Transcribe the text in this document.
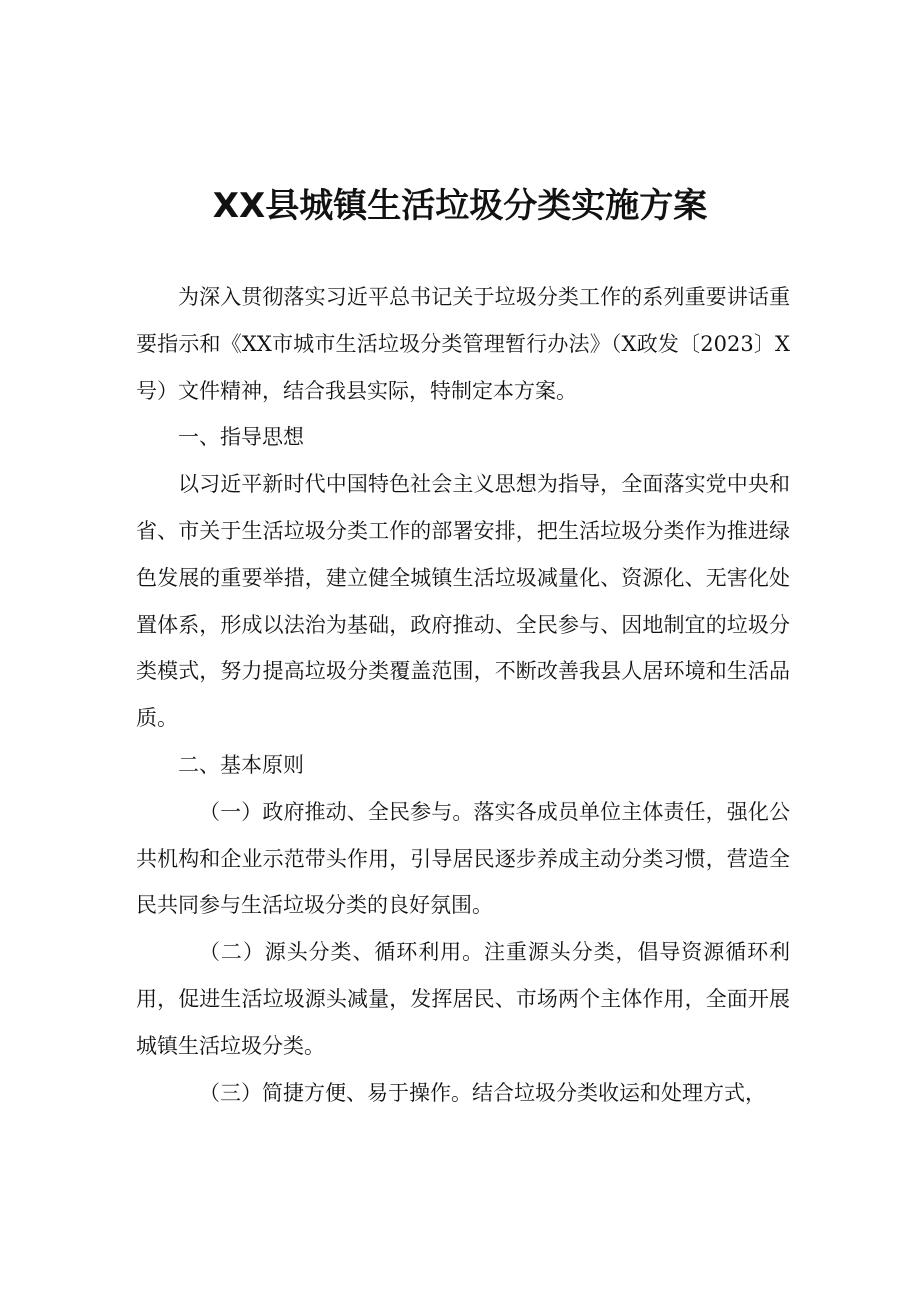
XX县城镇生活垃圾分类实施方案

为深入贯彻落实习近平总书记关于垃圾分类工作的系列重要讲话重要指示和《XX市城市生活垃圾分类管理暂行办法》（X政发〔2023〕X号）文件精神，结合我县实际，特制定本方案。

一、指导思想

以习近平新时代中国特色社会主义思想为指导，全面落实党中央和省、市关于生活垃圾分类工作的部署安排，把生活垃圾分类作为推进绿色发展的重要举措，建立健全城镇生活垃圾减量化、资源化、无害化处置体系，形成以法治为基础，政府推动、全民参与、因地制宜的垃圾分类模式，努力提高垃圾分类覆盖范围，不断改善我县人居环境和生活品质。

二、基本原则

（一）政府推动、全民参与。落实各成员单位主体责任，强化公共机构和企业示范带头作用，引导居民逐步养成主动分类习惯，营造全民共同参与生活垃圾分类的良好氛围。

（二）源头分类、循环利用。注重源头分类，倡导资源循环利用，促进生活垃圾源头减量，发挥居民、市场两个主体作用，全面开展城镇生活垃圾分类。

（三）简捷方便、易于操作。结合垃圾分类收运和处理方式，
